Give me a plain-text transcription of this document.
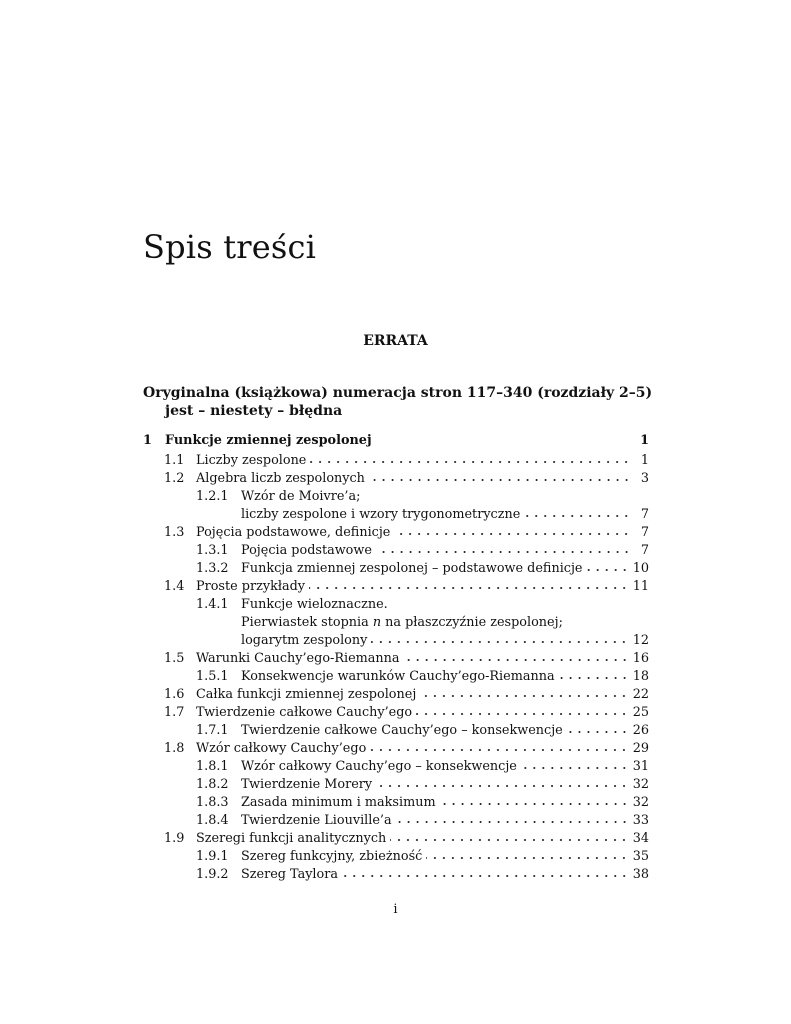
Spis treści
ERRATA
Oryginalna (książkowa) numeracja stron 117–340 (rozdziały 2–5)
jest – niestety – błędna
1	Funkcje zmiennej zespolonej	1
1.1 Liczby zespolone	1
1.2 Algebra liczb zespolonych	3
1.2.1 Wzór de Moivre’a;
liczby zespolone i wzory trygonometryczne	7
1.3 Pojęcia podstawowe, definicje	7
1.3.1 Pojęcia podstawowe	7
1.3.2 Funkcja zmiennej zespolonej – podstawowe definicje	10
1.4 Proste przykłady	11
1.4.1 Funkcje wieloznaczne.
Pierwiastek stopnia n na płaszczyźnie zespolonej;
logarytm zespolony	12
1.5 Warunki Cauchy’ego-Riemanna	16
1.5.1 Konsekwencje warunków Cauchy’ego-Riemanna	18
1.6 Całka funkcji zmiennej zespolonej	22
1.7 Twierdzenie całkowe Cauchy’ego	25
1.7.1 Twierdzenie całkowe Cauchy’ego – konsekwencje	26
1.8 Wzór całkowy Cauchy’ego	29
1.8.1 Wzór całkowy Cauchy’ego – konsekwencje	31
1.8.2 Twierdzenie Morery	32
1.8.3 Zasada minimum i maksimum	32
1.8.4 Twierdzenie Liouville’a	33
1.9 Szeregi funkcji analitycznych	34
1.9.1 Szereg funkcyjny, zbieżność	35
1.9.2 Szereg Taylora	38
i
